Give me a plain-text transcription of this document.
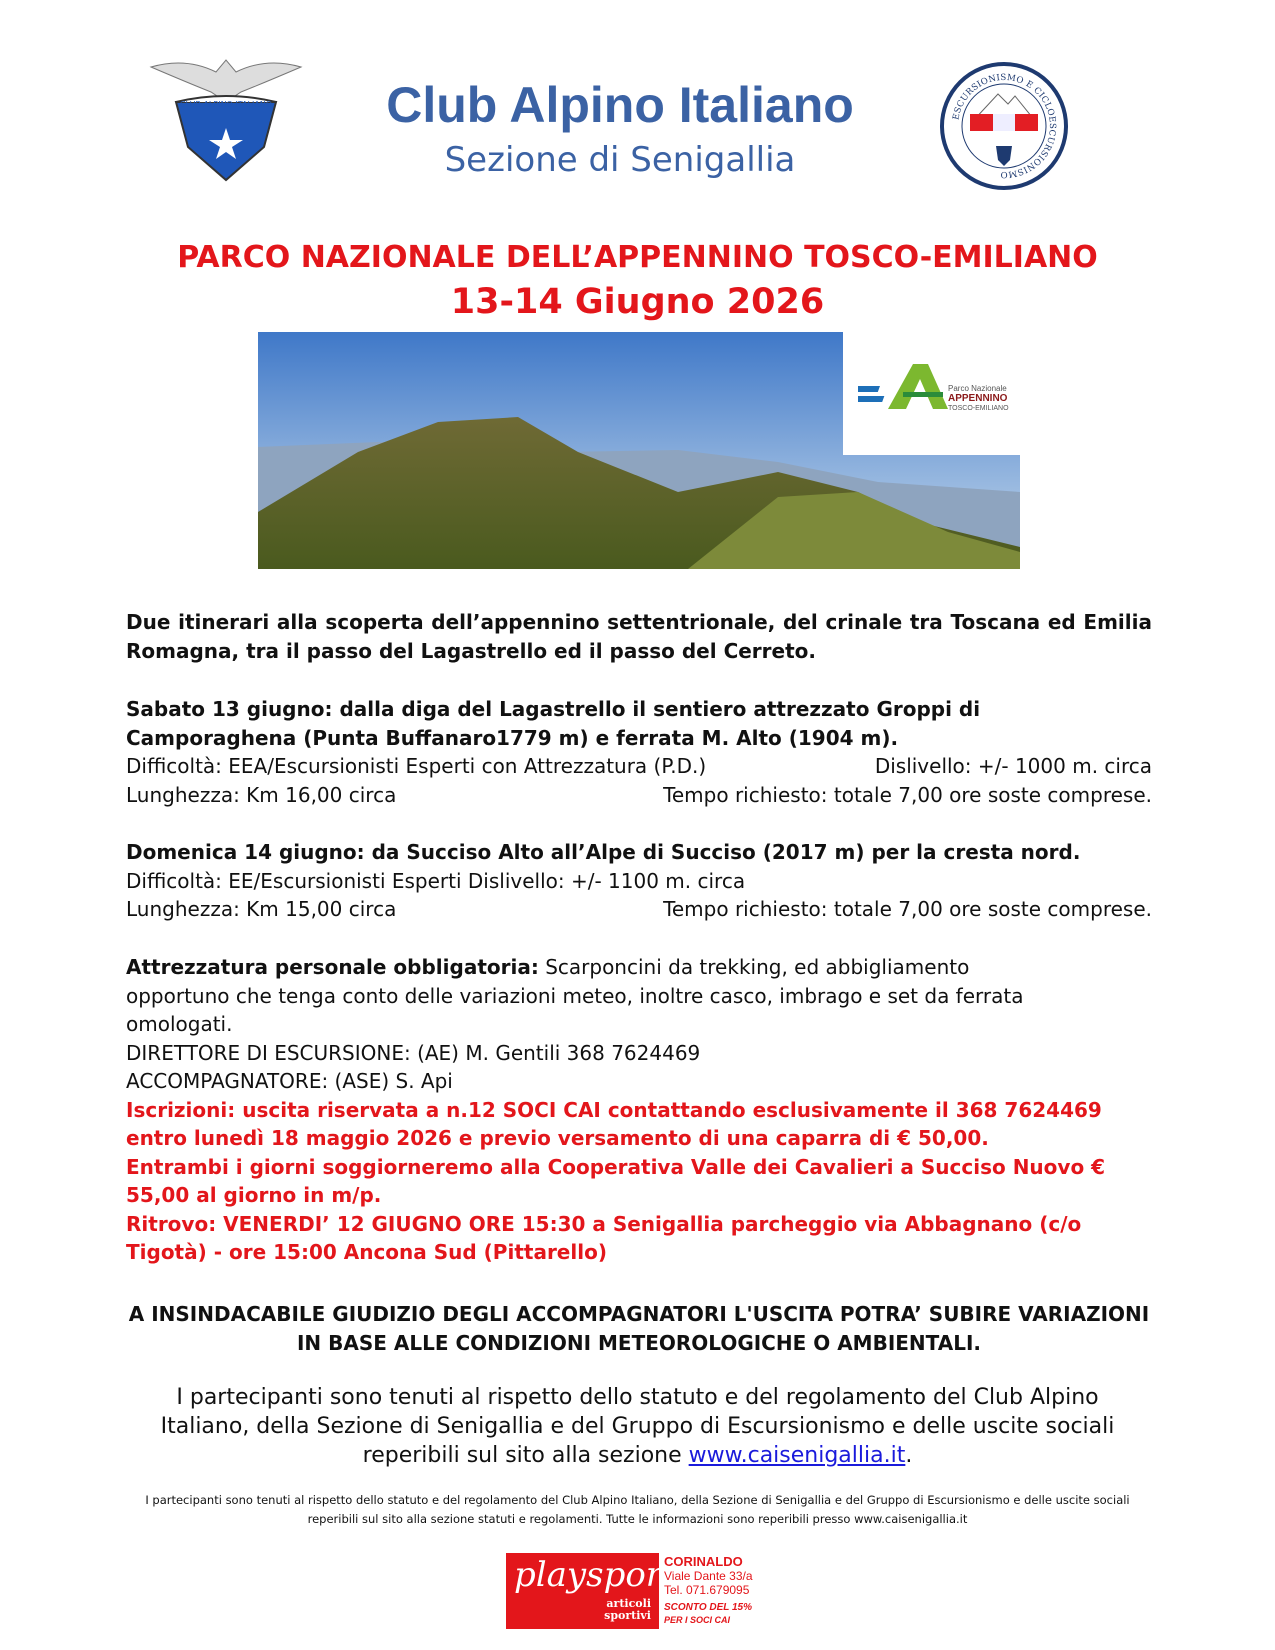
CLUB ALPINO ITALIANO	Club Alpino Italiano
Sezione di Senigallia
ESCURSIONISMO E CICLOESCURSIONISMO
PARCO NAZIONALE DELL’APPENNINO TOSCO-EMILIANO
13-14 Giugno 2026
Parco Nazionale
APPENNINO
TOSCO-EMILIANO
Due itinerari alla scoperta dell’appennino settentrionale, del crinale tra Toscana ed Emilia Romagna, tra il passo del Lagastrello ed il passo del Cerreto.
Sabato 13 giugno: dalla diga del Lagastrello il sentiero attrezzato Groppi di Camporaghena (Punta Buffanaro1779 m) e ferrata M. Alto (1904 m).
Difficoltà: EEA/Escursionisti Esperti con Attrezzatura (P.D.)	Dislivello: +/- 1000 m. circa
Lunghezza: Km 16,00 circa	Tempo richiesto: totale 7,00 ore soste comprese.
Domenica 14 giugno: da Succiso Alto all’Alpe di Succiso (2017 m) per la cresta nord.
Difficoltà: EE/Escursionisti Esperti Dislivello: +/- 1100 m. circa
Lunghezza: Km 15,00 circa	Tempo richiesto: totale 7,00 ore soste comprese.
Attrezzatura personale obbligatoria: Scarponcini da trekking, ed abbigliamento opportuno che tenga conto delle variazioni meteo, inoltre casco, imbrago e set da ferrata omologati.
DIRETTORE DI ESCURSIONE: (AE) M. Gentili 368 7624469
ACCOMPAGNATORE: (ASE) S. Api
Iscrizioni: uscita riservata a n.12 SOCI CAI contattando esclusivamente il 368 7624469 entro lunedì 18 maggio 2026 e previo versamento di una caparra di € 50,00.
Entrambi i giorni soggiorneremo alla Cooperativa Valle dei Cavalieri a Succiso Nuovo € 55,00 al giorno in m/p.
Ritrovo: VENERDI’ 12 GIUGNO ORE 15:30 a Senigallia parcheggio via Abbagnano (c/o Tigotà) - ore 15:00 Ancona Sud (Pittarello)
A INSINDACABILE GIUDIZIO DEGLI ACCOMPAGNATORI L'USCITA POTRA’ SUBIRE VARIAZIONI IN BASE ALLE CONDIZIONI METEOROLOGICHE O AMBIENTALI.
I partecipanti sono tenuti al rispetto dello statuto e del regolamento del Club Alpino Italiano, della Sezione di Senigallia e del Gruppo di Escursionismo e delle uscite sociali reperibili sul sito alla sezione www.caisenigallia.it.
I partecipanti sono tenuti al rispetto dello statuto e del regolamento del Club Alpino Italiano, della Sezione di Senigallia e del Gruppo di Escursionismo e delle uscite sociali reperibili sul sito alla sezione statuti e regolamenti. Tutte le informazioni sono reperibili presso www.caisenigallia.it
playsport
articoli
sportivi
CORINALDO
Viale Dante 33/a
Tel. 071.679095
SCONTO DEL 15%
PER I SOCI CAI
